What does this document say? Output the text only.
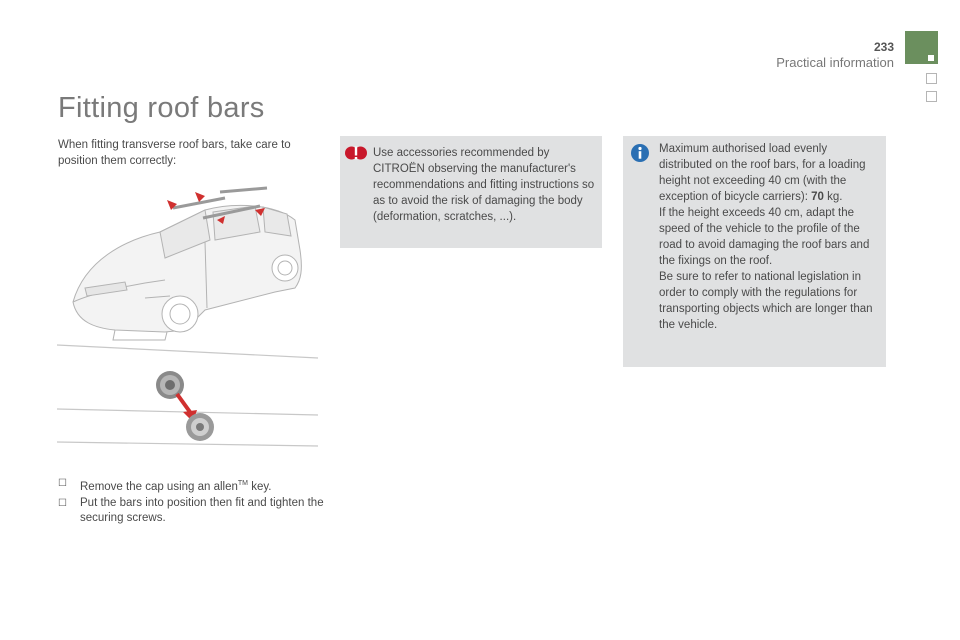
233
Practical information
Fitting roof bars

When fitting transverse roof bars, take care to position them correctly:

☐	Remove the cap using an allen™ key.
☐	Put the bars into position then fit and tighten the securing screws.

Use accessories recommended by CITROËN observing the manufacturer's recommendations and fitting instructions so as to avoid the risk of damaging the body (deformation, scratches, ...).

Maximum authorised load evenly distributed on the roof bars, for a loading height not exceeding 40 cm (with the exception of bicycle carriers): 70 kg.

If the height exceeds 40 cm, adapt the speed of the vehicle to the profile of the road to avoid damaging the roof bars and the fixings on the roof.

Be sure to refer to national legislation in order to comply with the regulations for transporting objects which are longer than the vehicle.
